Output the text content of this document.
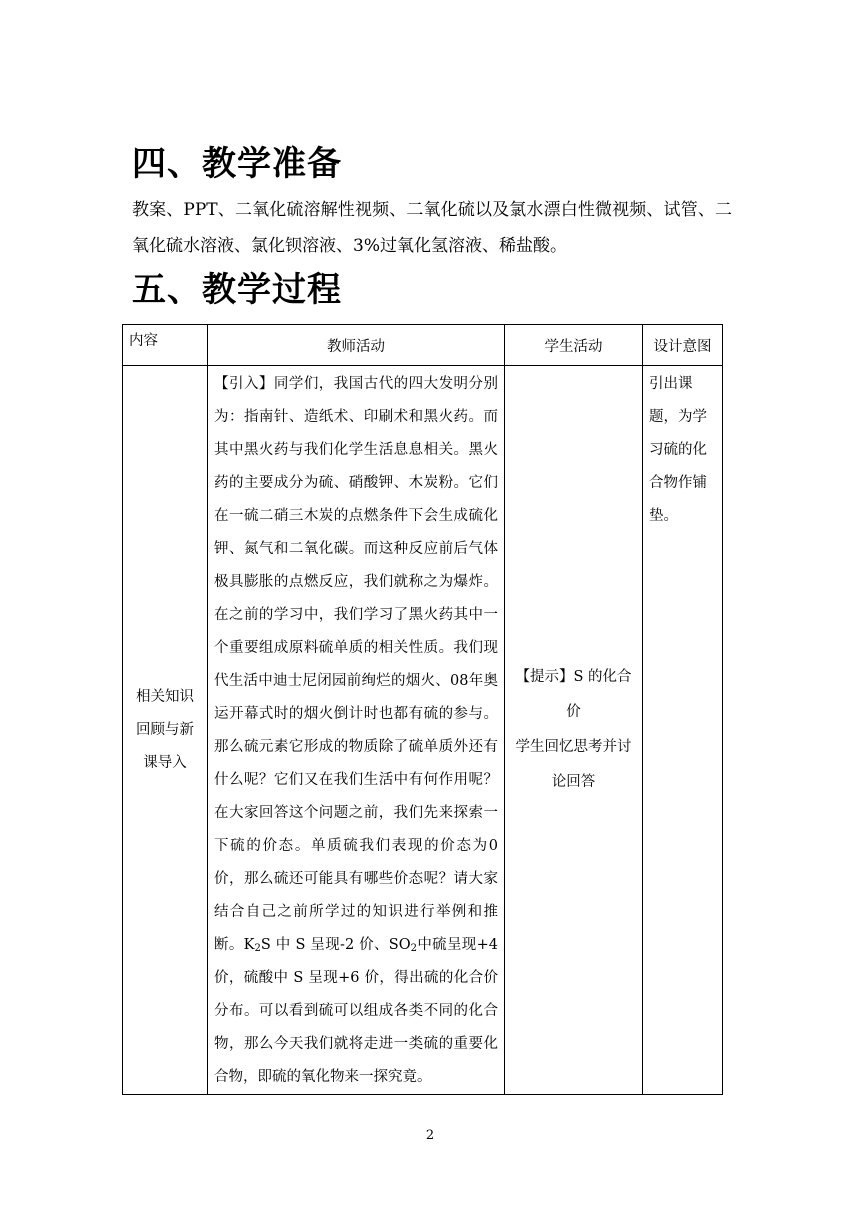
四、教学准备

教案、PPT、二氧化硫溶解性视频、二氧化硫以及氯水漂白性微视频、试管、二氧化硫水溶液、氯化钡溶液、3%过氧化氢溶液、稀盐酸。

五、教学过程
内容	教师活动	学生活动	设计意图
相关知识回顾与新课导入	【引入】同学们，我国古代的四大发明分别为：指南针、造纸术、印刷术和黑火药。而其中黑火药与我们化学生活息息相关。黑火药的主要成分为硫、硝酸钾、木炭粉。它们在一硫二硝三木炭的点燃条件下会生成硫化钾、氮气和二氧化碳。而这种反应前后气体极具膨胀的点燃反应，我们就称之为爆炸。在之前的学习中，我们学习了黑火药其中一个重要组成原料硫单质的相关性质。我们现代生活中迪士尼闭园前绚烂的烟火、08年奥运开幕式时的烟火倒计时也都有硫的参与。那么硫元素它形成的物质除了硫单质外还有什么呢？它们又在我们生活中有何作用呢？在大家回答这个问题之前，我们先来探索一下硫的价态。单质硫我们表现的价态为0价，那么硫还可能具有哪些价态呢？请大家结合自己之前所学过的知识进行举例和推断。$K_2S$ 中 S 呈现-2 价、$SO_2$中硫呈现+4 价，硫酸中 S 呈现+6 价，得出硫的化合价分布。可以看到硫可以组成各类不同的化合物，那么今天我们就将走进一类硫的重要化合物，即硫的氧化物来一探究竟。	【提示】S 的化合价
学生回忆思考并讨论回答	引出课题，为学习硫的化合物作铺垫。
2
